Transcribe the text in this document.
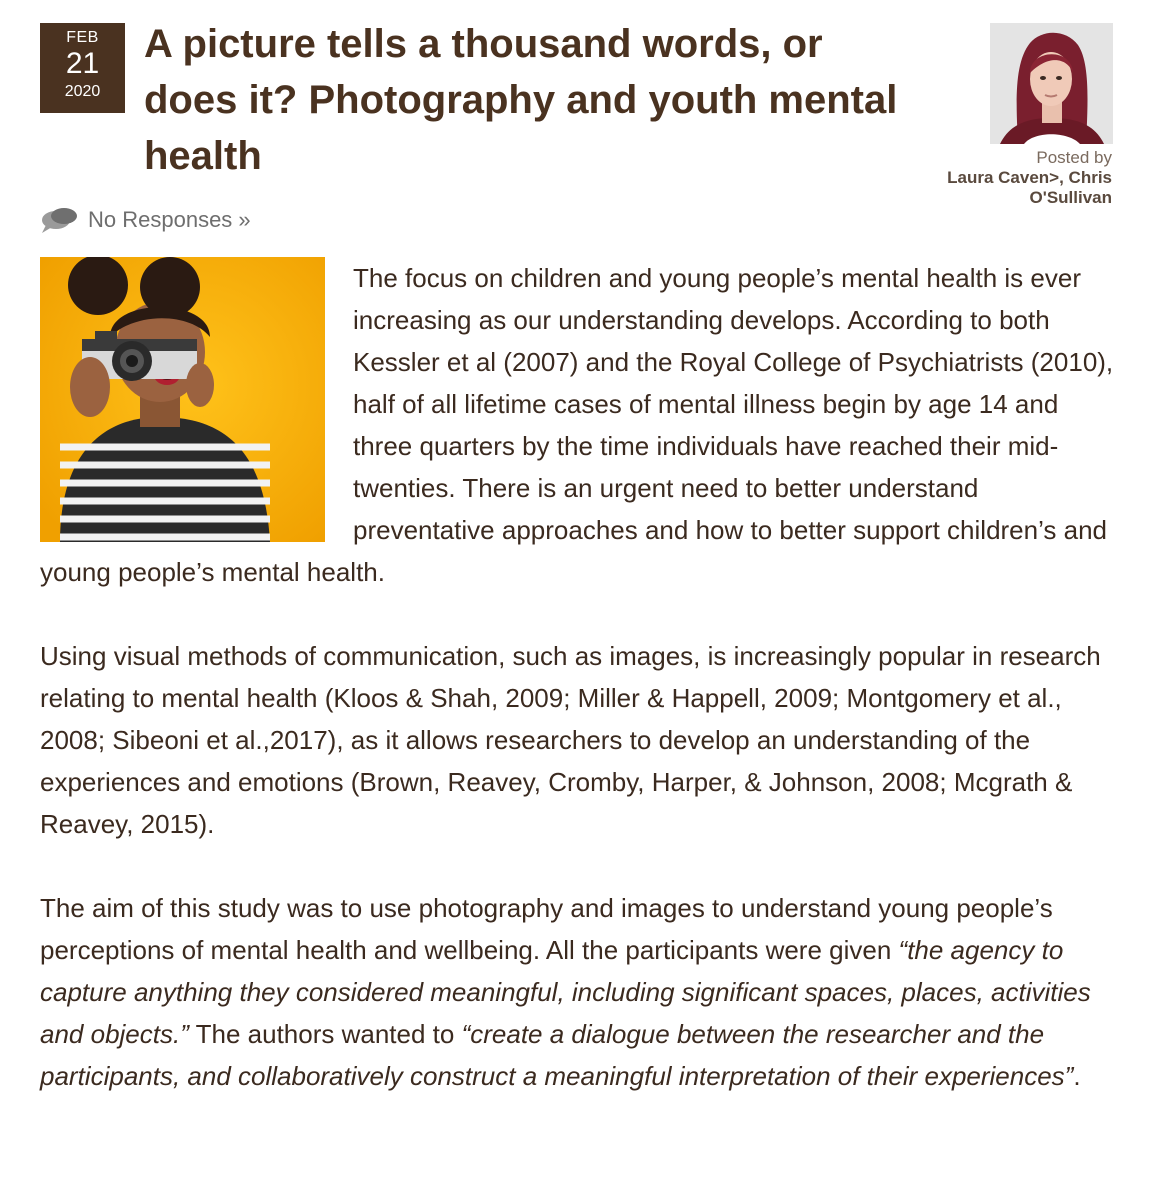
FEB
21
2020
A picture tells a thousand words, or does it? Photography and youth mental health	Posted by
Laura Caven>, Chris O'Sullivan
No Responses »

The focus on children and young people’s mental health is ever increasing as our understanding develops. According to both Kessler et al (2007) and the Royal College of Psychiatrists (2010), half of all lifetime cases of mental illness begin by age 14 and three quarters by the time individuals have reached their mid-twenties. There is an urgent need to better understand preventative approaches and how to better support children’s and young people’s mental health.

Using visual methods of communication, such as images, is increasingly popular in research relating to mental health (Kloos & Shah, 2009; Miller & Happell, 2009; Montgomery et al., 2008; Sibeoni et al.,2017), as it allows researchers to develop an understanding of the experiences and emotions (Brown, Reavey, Cromby, Harper, & Johnson, 2008; Mcgrath & Reavey, 2015).

The aim of this study was to use photography and images to understand young people’s perceptions of mental health and wellbeing. All the participants were given “the agency to capture anything they considered meaningful, including significant spaces, places, activities and objects.” The authors wanted to “create a dialogue between the researcher and the participants, and collaboratively construct a meaningful interpretation of their experiences”.
